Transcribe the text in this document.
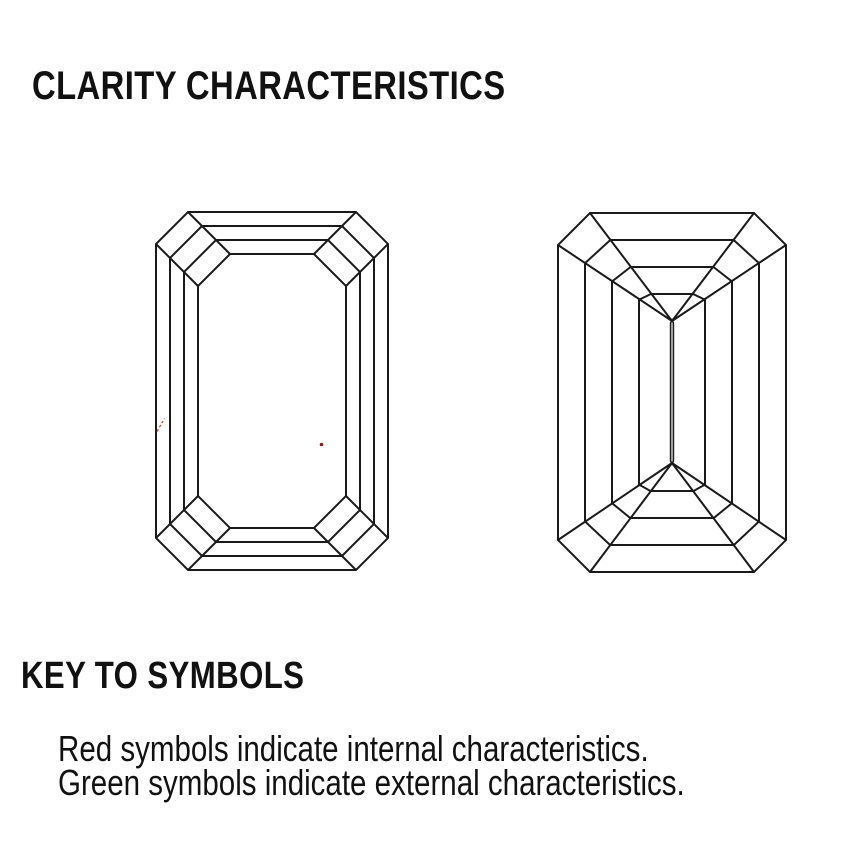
CLARITY CHARACTERISTICS
KEY TO SYMBOLS

Red symbols indicate internal characteristics.

Green symbols indicate external characteristics.
